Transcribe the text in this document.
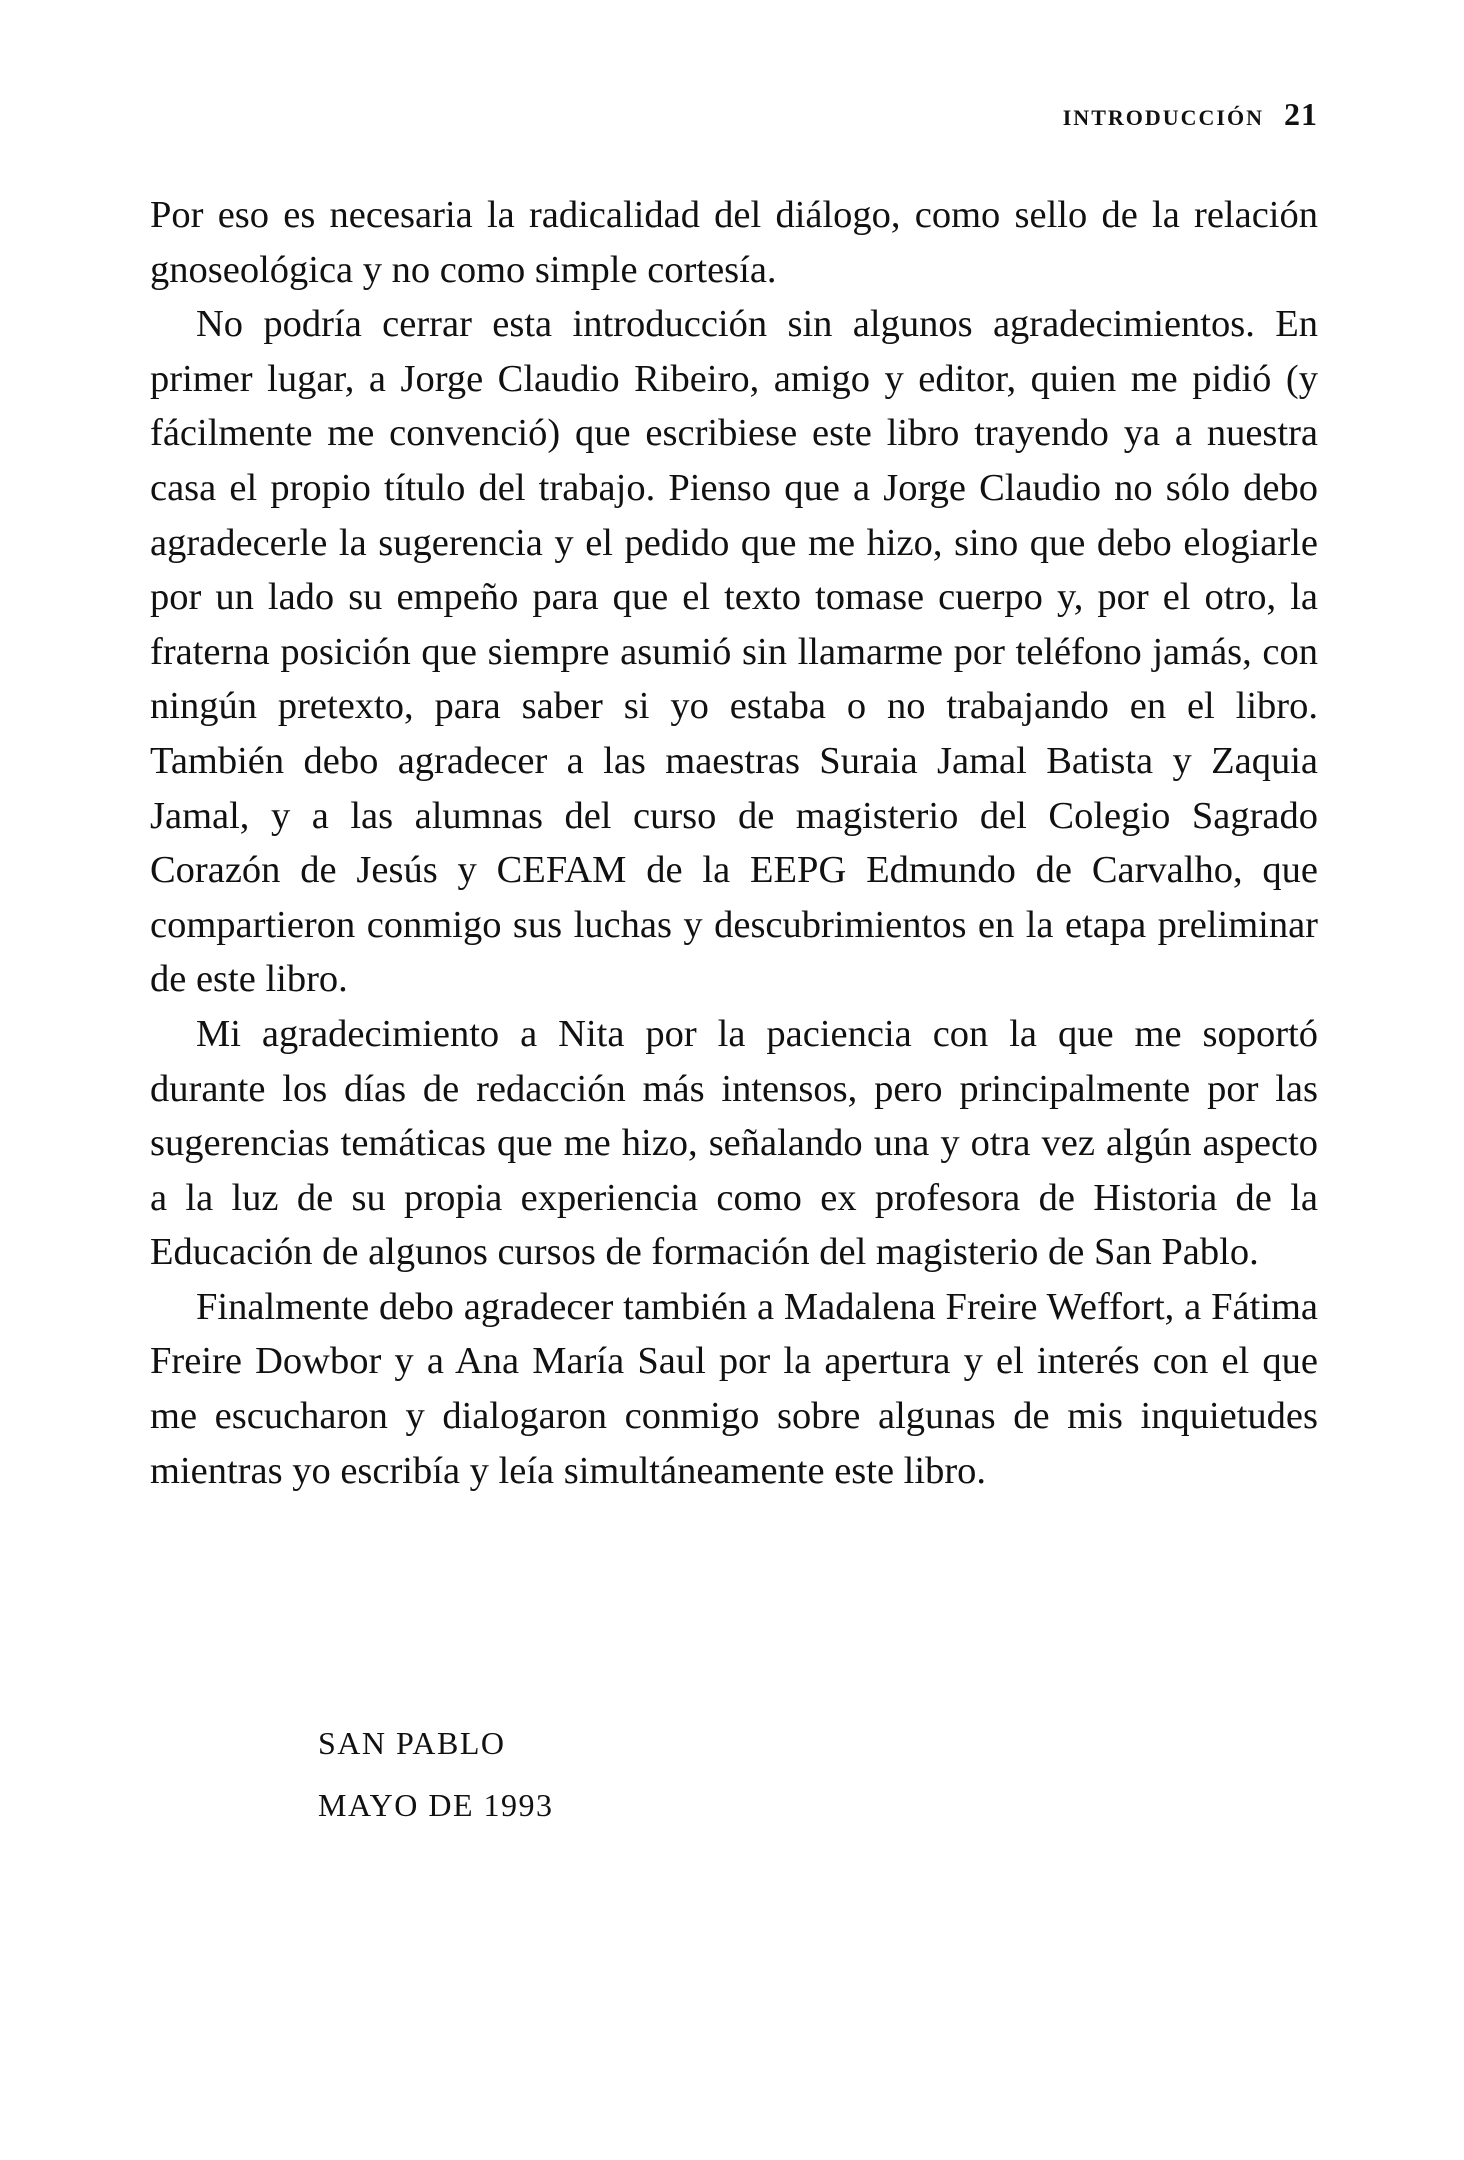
introducción 21

Por eso es necesaria la radicalidad del diálogo, como sello de la relación gnoseológica y no como simple cortesía.

No podría cerrar esta introducción sin algunos agradecimientos. En primer lugar, a Jorge Claudio Ribeiro, amigo y editor, quien me pidió (y fácilmente me convenció) que escribiese este libro trayendo ya a nuestra casa el propio título del trabajo. Pienso que a Jorge Claudio no sólo debo agradecerle la sugerencia y el pedido que me hizo, sino que debo elogiarle por un lado su empeño para que el texto tomase cuerpo y, por el otro, la fraterna posición que siempre asumió sin llamarme por teléfono jamás, con ningún pretexto, para saber si yo estaba o no trabajando en el libro. También debo agradecer a las maestras Suraia Jamal Batista y Zaquia Jamal, y a las alumnas del curso de magisterio del Colegio Sagrado Corazón de Jesús y CEFAM de la EEPG Edmundo de Carvalho, que compartieron conmigo sus luchas y descubrimientos en la etapa preliminar de este libro.

Mi agradecimiento a Nita por la paciencia con la que me soportó durante los días de redacción más intensos, pero principalmente por las sugerencias temáticas que me hizo, señalando una y otra vez algún aspecto a la luz de su propia experiencia como ex profesora de Historia de la Educación de algunos cursos de formación del magisterio de San Pablo.

Finalmente debo agradecer también a Madalena Freire Weffort, a Fátima Freire Dowbor y a Ana María Saul por la apertura y el interés con el que me escucharon y dialogaron conmigo sobre algunas de mis inquietudes mientras yo escribía y leía simultáneamente este libro.

SAN PABLO
MAYO DE 1993
